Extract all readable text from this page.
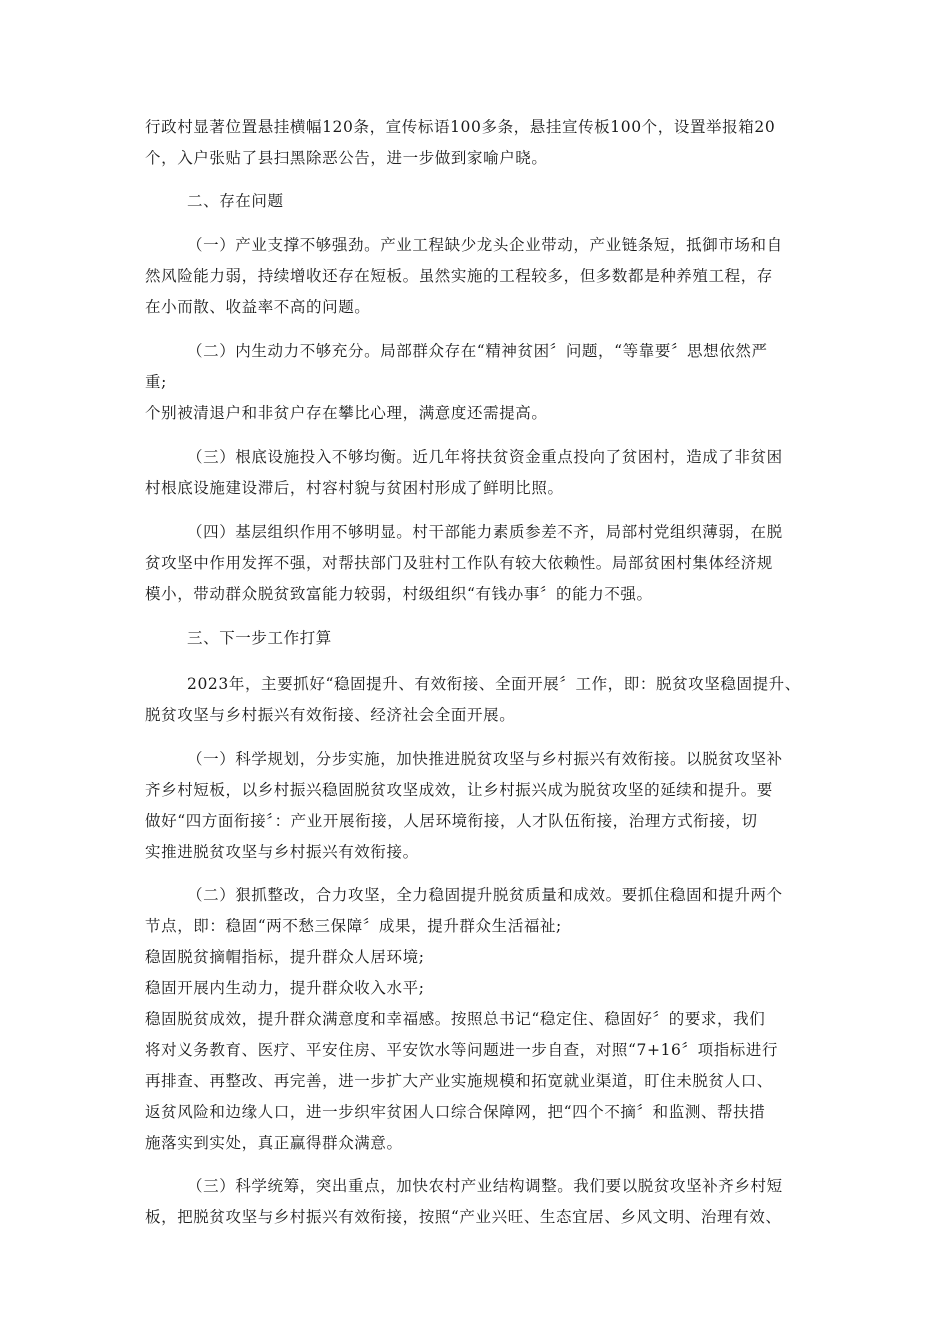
行政村显著位置悬挂横幅120条，宣传标语100多条，悬挂宣传板100个，设置举报箱20
个，入户张贴了县扫黑除恶公告，进一步做到家喻户晓。

二、存在问题

（一）产业支撑不够强劲。产业工程缺少龙头企业带动，产业链条短，抵御市场和自
然风险能力弱，持续增收还存在短板。虽然实施的工程较多，但多数都是种养殖工程，存
在小而散、收益率不高的问题。

（二）内生动力不够充分。局部群众存在“精神贫困〞问题，“等靠要〞思想依然严
重;
个别被清退户和非贫户存在攀比心理，满意度还需提高。

（三）根底设施投入不够均衡。近几年将扶贫资金重点投向了贫困村，造成了非贫困
村根底设施建设滞后，村容村貌与贫困村形成了鲜明比照。

（四）基层组织作用不够明显。村干部能力素质参差不齐，局部村党组织薄弱，在脱
贫攻坚中作用发挥不强，对帮扶部门及驻村工作队有较大依赖性。局部贫困村集体经济规
模小，带动群众脱贫致富能力较弱，村级组织“有钱办事〞的能力不强。

三、下一步工作打算

2023年，主要抓好“稳固提升、有效衔接、全面开展〞工作，即：脱贫攻坚稳固提升、
脱贫攻坚与乡村振兴有效衔接、经济社会全面开展。

（一）科学规划，分步实施，加快推进脱贫攻坚与乡村振兴有效衔接。以脱贫攻坚补
齐乡村短板，以乡村振兴稳固脱贫攻坚成效，让乡村振兴成为脱贫攻坚的延续和提升。要
做好“四方面衔接〞：产业开展衔接，人居环境衔接，人才队伍衔接，治理方式衔接，切
实推进脱贫攻坚与乡村振兴有效衔接。

（二）狠抓整改，合力攻坚，全力稳固提升脱贫质量和成效。要抓住稳固和提升两个
节点，即：稳固“两不愁三保障〞成果，提升群众生活福祉;
稳固脱贫摘帽指标，提升群众人居环境;
稳固开展内生动力，提升群众收入水平;
稳固脱贫成效，提升群众满意度和幸福感。按照总书记“稳定住、稳固好〞的要求，我们
将对义务教育、医疗、平安住房、平安饮水等问题进一步自查，对照“7+16〞项指标进行
再排查、再整改、再完善，进一步扩大产业实施规模和拓宽就业渠道，盯住未脱贫人口、
返贫风险和边缘人口，进一步织牢贫困人口综合保障网，把“四个不摘〞和监测、帮扶措
施落实到实处，真正赢得群众满意。

（三）科学统筹，突出重点，加快农村产业结构调整。我们要以脱贫攻坚补齐乡村短
板，把脱贫攻坚与乡村振兴有效衔接，按照“产业兴旺、生态宜居、乡风文明、治理有效、
